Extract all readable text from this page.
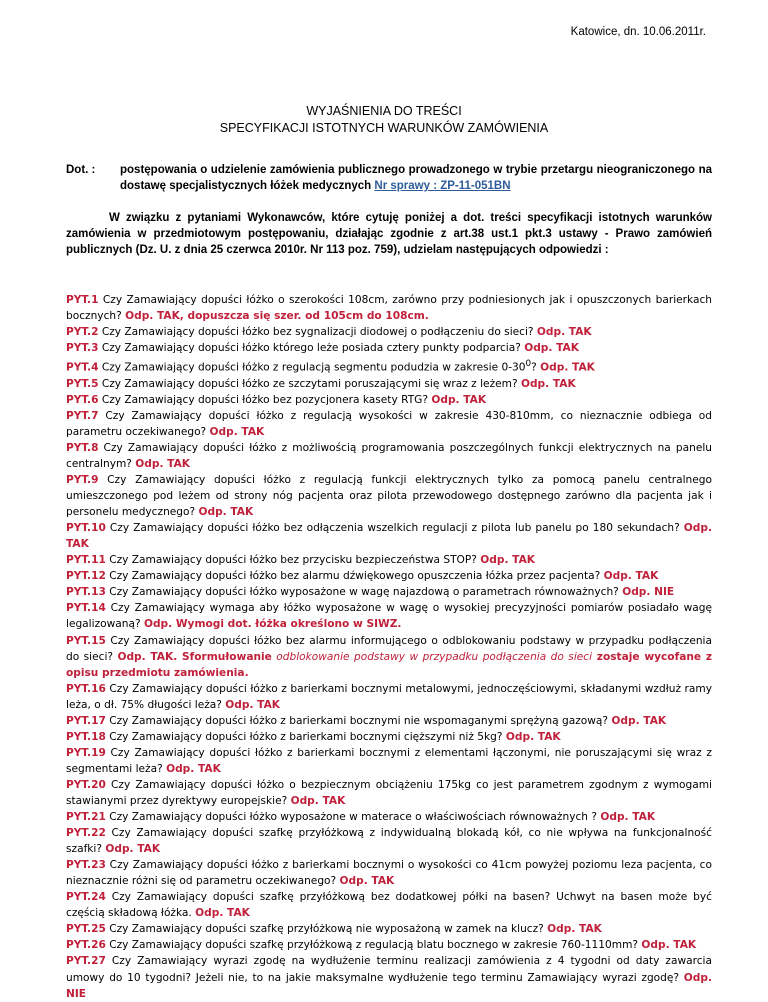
Katowice, dn. 10.06.2011r.
WYJAŚNIENIA DO TREŚCI
SPECYFIKACJI ISTOTNYCH WARUNKÓW ZAMÓWIENIA
Dot. :	postępowania o udzielenie zamówienia publicznego prowadzonego w trybie przetargu nieograniczonego na dostawę specjalistycznych łóżek medycznych Nr sprawy : ZP-11-051BN
W związku z pytaniami Wykonawców, które cytuję poniżej a dot. treści specyfikacji istotnych warunków zamówienia w przedmiotowym postępowaniu, działając zgodnie z art.38 ust.1 pkt.3 ustawy - Prawo zamówień publicznych (Dz. U. z dnia 25 czerwca 2010r. Nr 113 poz. 759), udzielam następujących odpowiedzi :
PYT.1 Czy Zamawiający dopuści łóżko o szerokości 108cm, zarówno przy podniesionych jak i opuszczonych barierkach bocznych? Odp. TAK, dopuszcza się szer. od 105cm do 108cm.
PYT.2 Czy Zamawiający dopuści łóżko bez sygnalizacji diodowej o podłączeniu do sieci? Odp. TAK
PYT.3 Czy Zamawiający dopuści łóżko którego leże posiada cztery punkty podparcia? Odp. TAK
PYT.4 Czy Zamawiający dopuści łóżko z regulacją segmentu podudzia w zakresie $0-30^0$? Odp. TAK
PYT.5 Czy Zamawiający dopuści łóżko ze szczytami poruszającymi się wraz z leżem? Odp. TAK
PYT.6 Czy Zamawiający dopuści łóżko bez pozycjonera kasety RTG? Odp. TAK
PYT.7 Czy Zamawiający dopuści łóżko z regulacją wysokości w zakresie 430-810mm, co nieznacznie odbiega od parametru oczekiwanego? Odp. TAK
PYT.8 Czy Zamawiający dopuści łóżko z możliwością programowania poszczególnych funkcji elektrycznych na panelu centralnym? Odp. TAK
PYT.9 Czy Zamawiający dopuści łóżko z regulacją funkcji elektrycznych tylko za pomocą panelu centralnego umieszczonego pod leżem od strony nóg pacjenta oraz pilota przewodowego dostępnego zarówno dla pacjenta jak i personelu medycznego? Odp. TAK
PYT.10 Czy Zamawiający dopuści łóżko bez odłączenia wszelkich regulacji z pilota lub panelu po 180 sekundach? Odp. TAK
PYT.11 Czy Zamawiający dopuści łóżko bez przycisku bezpieczeństwa STOP? Odp. TAK
PYT.12 Czy Zamawiający dopuści łóżko bez alarmu dźwiękowego opuszczenia łóżka przez pacjenta? Odp. TAK
PYT.13 Czy Zamawiający dopuści łóżko wyposażone w wagę najazdową o parametrach równoważnych? Odp. NIE
PYT.14 Czy Zamawiający wymaga aby łóżko wyposażone w wagę o wysokiej precyzyjności pomiarów posiadało wagę legalizowaną? Odp. Wymogi dot. łóżka określono w SIWZ.
PYT.15 Czy Zamawiający dopuści łóżko bez alarmu informującego o odblokowaniu podstawy w przypadku podłączenia do sieci? Odp. TAK. Sformułowanie odblokowanie podstawy w przypadku podłączenia do sieci zostaje wycofane z opisu przedmiotu zamówienia.
PYT.16 Czy Zamawiający dopuści łóżko z barierkami bocznymi metalowymi, jednoczęściowymi, składanymi wzdłuż ramy leża, o dł. 75% długości leża? Odp. TAK
PYT.17 Czy Zamawiający dopuści łóżko z barierkami bocznymi nie wspomaganymi sprężyną gazową? Odp. TAK
PYT.18 Czy Zamawiający dopuści łóżko z barierkami bocznymi cięższymi niż 5kg? Odp. TAK
PYT.19 Czy Zamawiający dopuści łóżko z barierkami bocznymi z elementami łączonymi, nie poruszającymi się wraz z segmentami leża? Odp. TAK
PYT.20 Czy Zamawiający dopuści łóżko o bezpiecznym obciążeniu 175kg co jest parametrem zgodnym z wymogami stawianymi przez dyrektywy europejskie? Odp. TAK
PYT.21 Czy Zamawiający dopuści łóżko wyposażone w materace o właściwościach równoważnych ? Odp. TAK
PYT.22 Czy Zamawiający dopuści szafkę przyłóżkową z indywidualną blokadą kół, co nie wpływa na funkcjonalność szafki? Odp. TAK
PYT.23 Czy Zamawiający dopuści łóżko z barierkami bocznymi o wysokości co 41cm powyżej poziomu leza pacjenta, co nieznacznie różni się od parametru oczekiwanego? Odp. TAK
PYT.24 Czy Zamawiający dopuści szafkę przyłóżkową bez dodatkowej półki na basen? Uchwyt na basen może być częścią składową łóżka. Odp. TAK
PYT.25 Czy Zamawiający dopuści szafkę przyłóżkową nie wyposażoną w zamek na klucz? Odp. TAK
PYT.26 Czy Zamawiający dopuści szafkę przyłóżkową z regulacją blatu bocznego w zakresie 760-1110mm? Odp. TAK
PYT.27 Czy Zamawiający wyrazi zgodę na wydłużenie terminu realizacji zamówienia z 4 tygodni od daty zawarcia umowy do 10 tygodni? Jeżeli nie, to na jakie maksymalne wydłużenie tego terminu Zamawiający wyrazi zgodę? Odp. NIE
